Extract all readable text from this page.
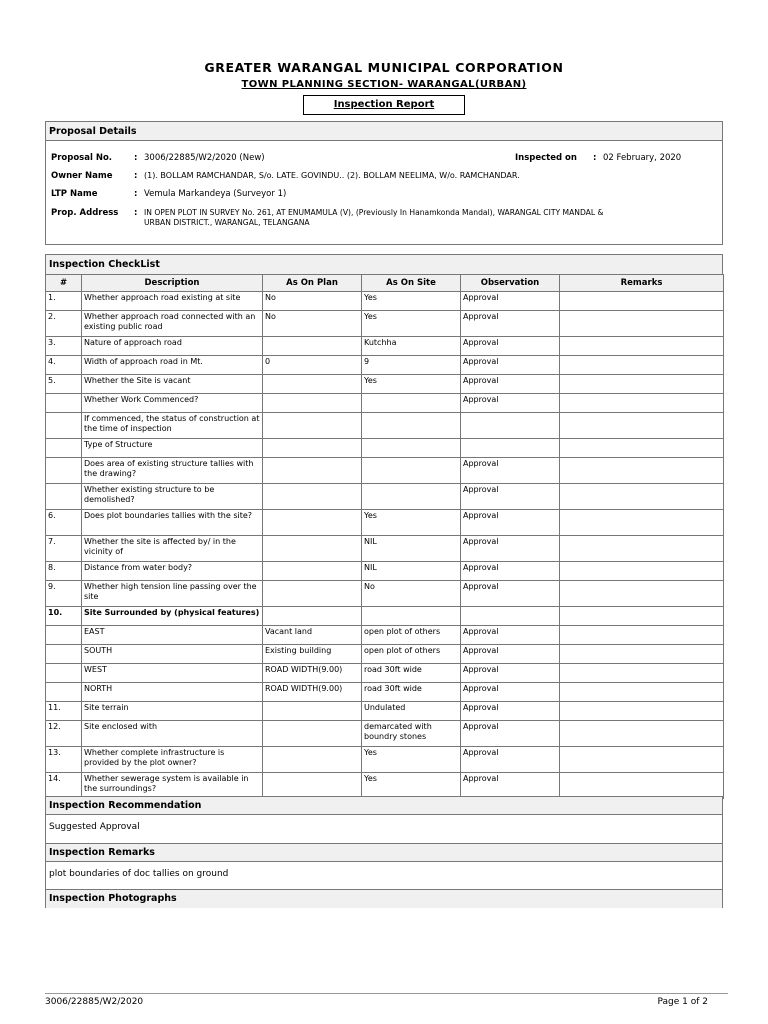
GREATER WARANGAL MUNICIPAL CORPORATION
TOWN PLANNING SECTION- WARANGAL(URBAN)
Inspection Report
Proposal Details
Proposal No.	: 3006/22885/W2/2020 (New)	Inspected on : 02 February, 2020
Owner Name	: (1). BOLLAM RAMCHANDAR, S/o. LATE. GOVINDU.. (2). BOLLAM NEELIMA, W/o. RAMCHANDAR.
LTP Name	: Vemula Markandeya (Surveyor 1)
Prop. Address	: IN OPEN PLOT IN SURVEY No. 261, AT ENUMAMULA (V), (Previously In Hanamkonda Mandal), WARANGAL CITY MANDAL &
URBAN DISTRICT., WARANGAL, TELANGANA
Inspection CheckList
#	Description	As On Plan	As On Site	Observation	Remarks
1.	Whether approach road existing at site	No	Yes	Approval	
2.	Whether approach road connected with an existing public road	No	Yes	Approval	
3.	Nature of approach road		Kutchha	Approval	
4.	Width of approach road in Mt.	0	9	Approval	
5.	Whether the Site is vacant		Yes	Approval	
	Whether Work Commenced?			Approval	
	If commenced, the status of construction at the time of inspection				
	Type of Structure				
	Does area of existing structure tallies with the drawing?			Approval	
	Whether existing structure to be demolished?			Approval	
6.	Does plot boundaries tallies with the site?		Yes	Approval	
7.	Whether the site is affected by/ in the vicinity of		NIL	Approval	
8.	Distance from water body?		NIL	Approval	
9.	Whether high tension line passing over the site		No	Approval	
10.	Site Surrounded by (physical features)				
	EAST	Vacant land	open plot of others	Approval	
	SOUTH	Existing building	open plot of others	Approval	
	WEST	ROAD WIDTH(9.00)	road 30ft wide	Approval	
	NORTH	ROAD WIDTH(9.00)	road 30ft wide	Approval	
11.	Site terrain		Undulated	Approval	
12.	Site enclosed with		demarcated with boundry stones	Approval	
13.	Whether complete infrastructure is provided by the plot owner?		Yes	Approval	
14.	Whether sewerage system is available in the surroundings?		Yes	Approval	
Inspection Recommendation
Suggested Approval
Inspection Remarks
plot boundaries of doc tallies on ground
Inspection Photographs
3006/22885/W2/2020	Page 1 of 2
